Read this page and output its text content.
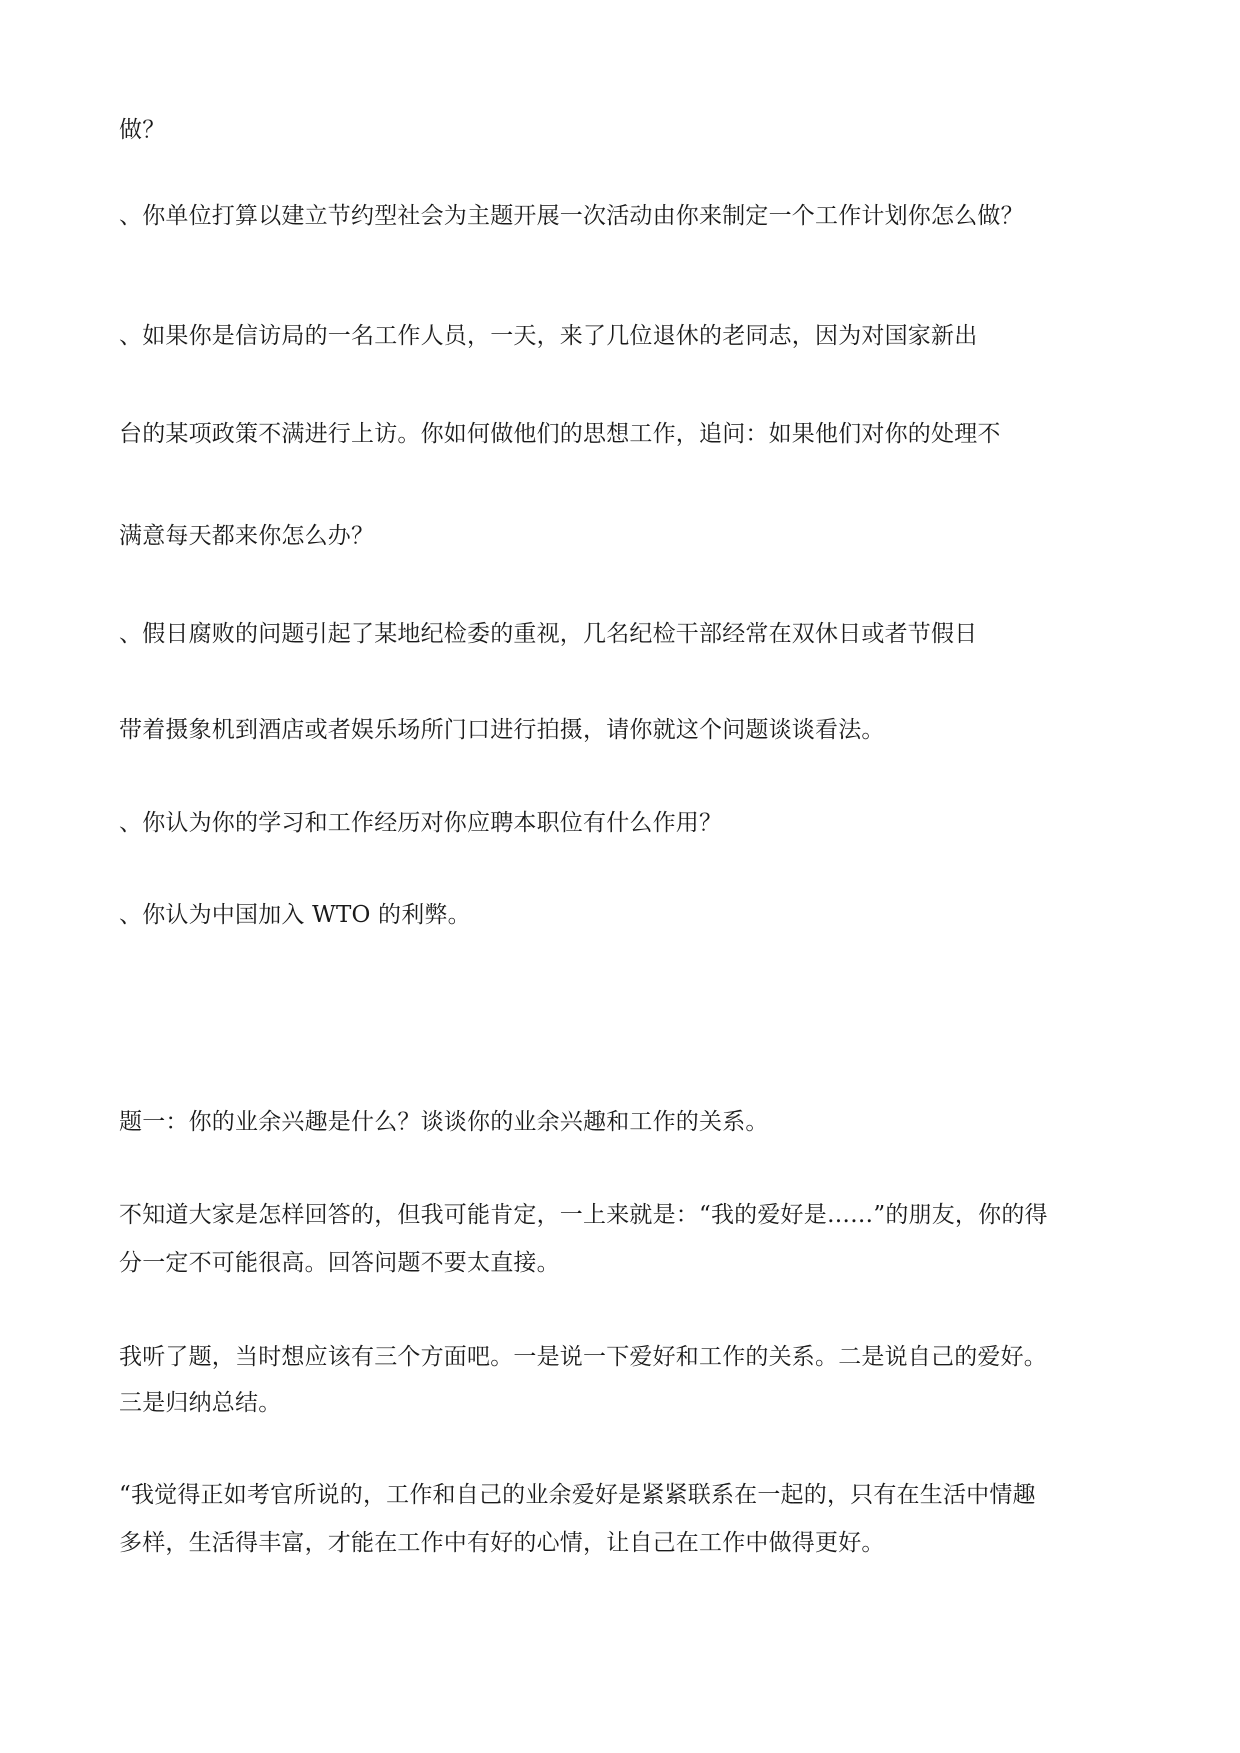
做？

、你单位打算以建立节约型社会为主题开展一次活动由你来制定一个工作计划你怎么做？

、如果你是信访局的一名工作人员，一天，来了几位退休的老同志，因为对国家新出

台的某项政策不满进行上访。你如何做他们的思想工作，追问：如果他们对你的处理不

满意每天都来你怎么办？

、假日腐败的问题引起了某地纪检委的重视，几名纪检干部经常在双休日或者节假日

带着摄象机到酒店或者娱乐场所门口进行拍摄，请你就这个问题谈谈看法。

、你认为你的学习和工作经历对你应聘本职位有什么作用？

、你认为中国加入 WTO 的利弊。

题一：你的业余兴趣是什么？谈谈你的业余兴趣和工作的关系。

不知道大家是怎样回答的，但我可能肯定，一上来就是：“我的爱好是……”的朋友，你的得

分一定不可能很高。回答问题不要太直接。

我听了题，当时想应该有三个方面吧。一是说一下爱好和工作的关系。二是说自己的爱好。

三是归纳总结。

“我觉得正如考官所说的，工作和自己的业余爱好是紧紧联系在一起的，只有在生活中情趣

多样，生活得丰富，才能在工作中有好的心情，让自己在工作中做得更好。
